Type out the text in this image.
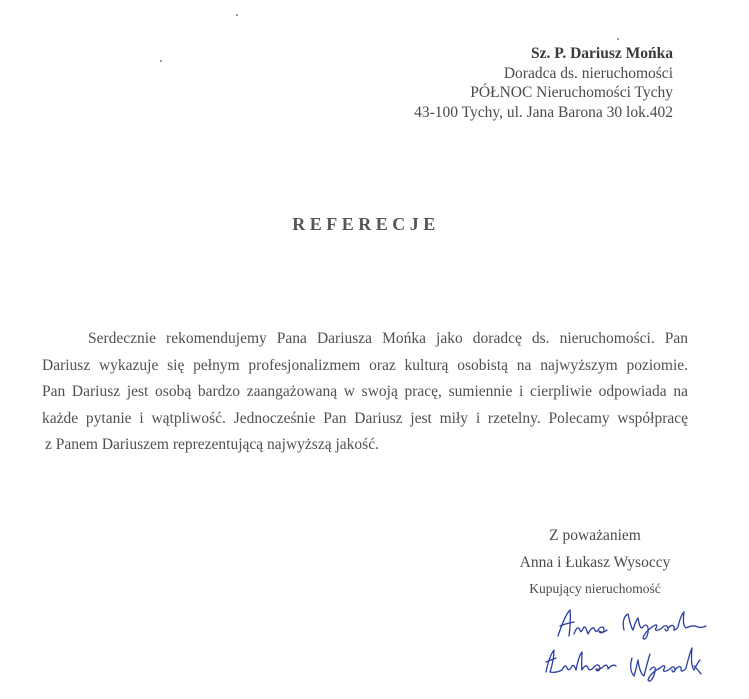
Sz. P. Dariusz Mońka
Doradca ds. nieruchomości
PÓŁNOC Nieruchomości Tychy
43-100 Tychy, ul. Jana Barona 30 lok.402
REFERECJE
Serdecznie rekomendujemy Pana Dariusza Mońka jako doradcę ds. nieruchomości. Pan
Dariusz wykazuje się pełnym profesjonalizmem oraz kulturą osobistą na najwyższym poziomie.
Pan Dariusz jest osobą bardzo zaangażowaną w swoją pracę, sumiennie i cierpliwie odpowiada na
każde pytanie i wątpliwość. Jednocześnie Pan Dariusz jest miły i rzetelny. Polecamy współpracę
z Panem Dariuszem reprezentującą najwyższą jakość.
Z poważaniem
Anna i Łukasz Wysoccy
Kupujący nieruchomość
